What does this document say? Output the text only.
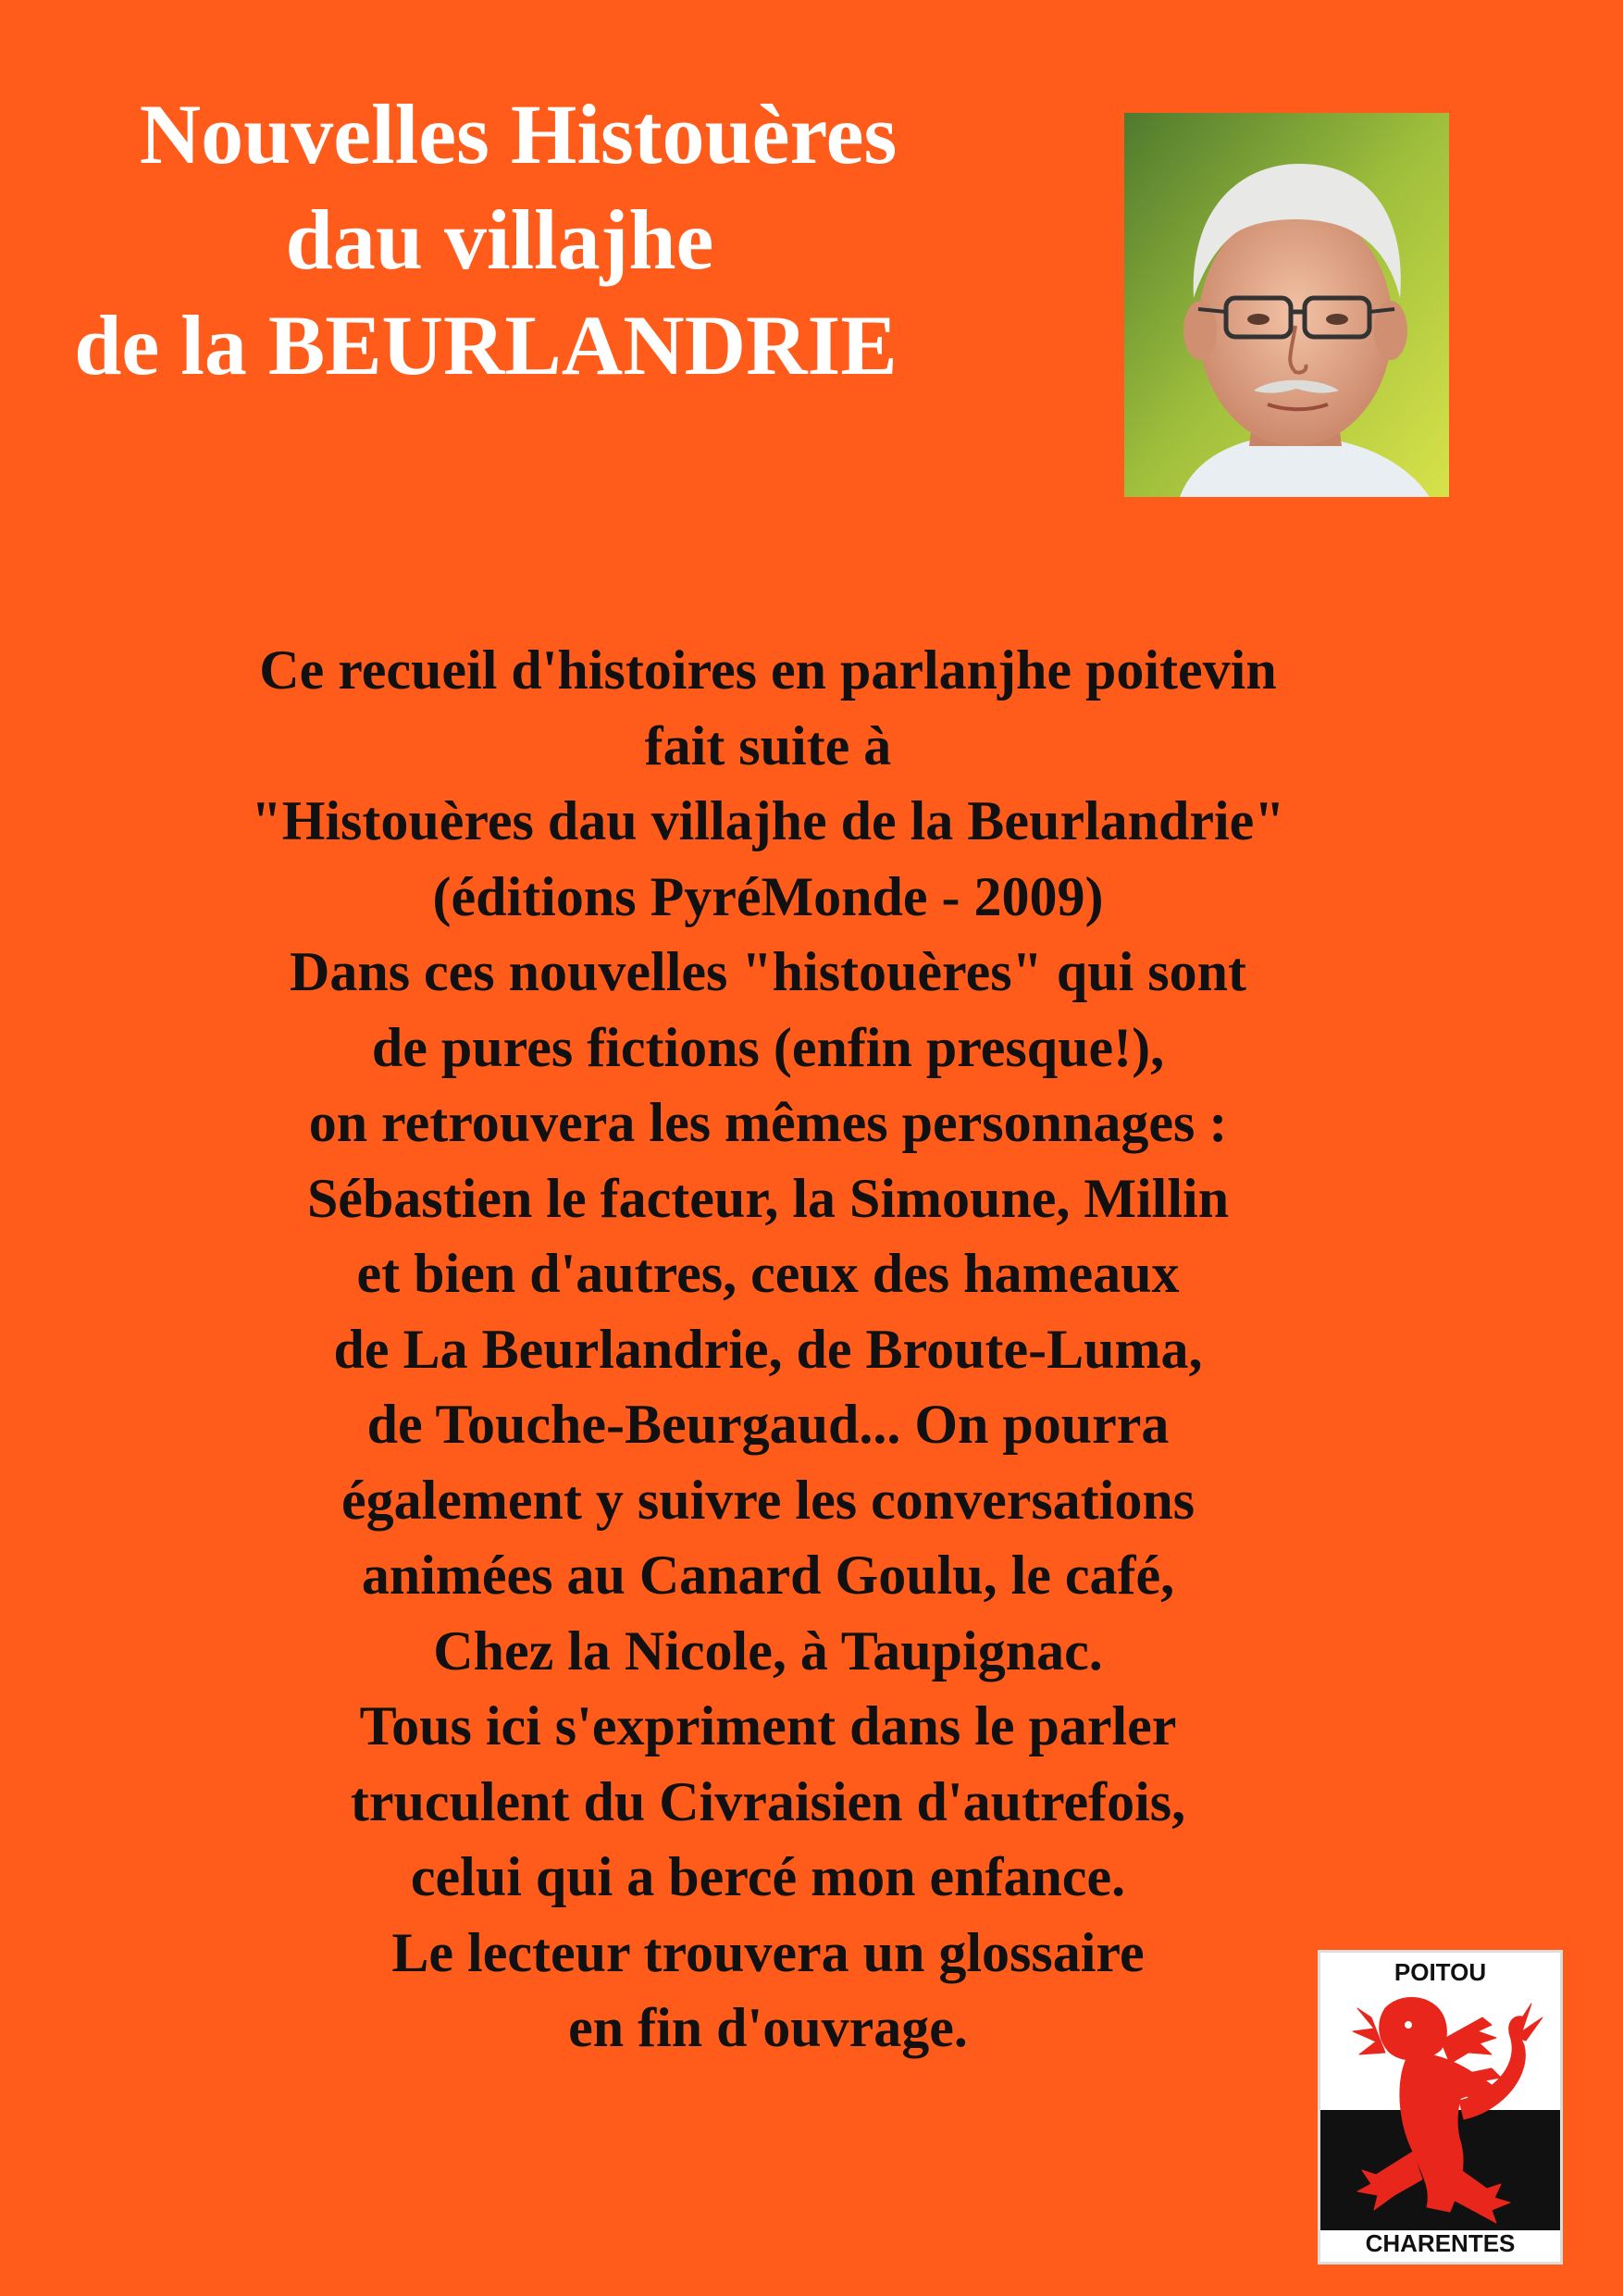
Nouvelles Histouères
dau villajhe
de la BEURLANDRIE
Ce recueil d'histoires en parlanjhe poitevin
fait suite à
"Histouères dau villajhe de la Beurlandrie"
(éditions PyréMonde - 2009)
Dans ces nouvelles "histouères" qui sont
de pures fictions (enfin presque!),
on retrouvera les mêmes personnages :
Sébastien le facteur, la Simoune, Millin
et bien d'autres, ceux des hameaux
de La Beurlandrie, de Broute-Luma,
de Touche-Beurgaud... On pourra
également y suivre les conversations
animées au Canard Goulu, le café,
Chez la Nicole, à Taupignac.
Tous ici s'expriment dans le parler
truculent du Civraisien d'autrefois,
celui qui a bercé mon enfance.
Le lecteur trouvera un glossaire
en fin d'ouvrage.
POITOU
CHARENTES
